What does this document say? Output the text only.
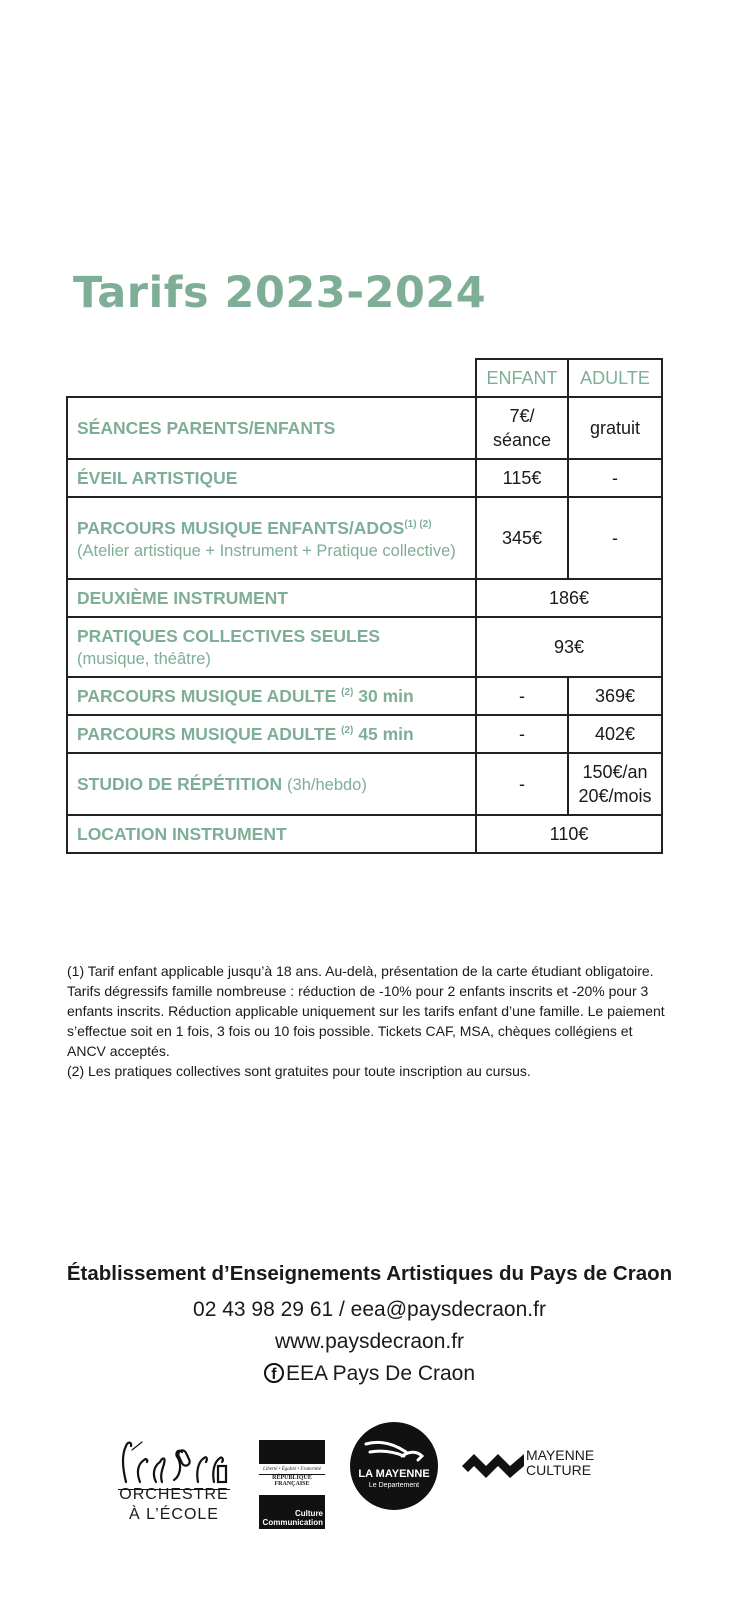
Tarifs 2023-2024
	ENFANT	ADULTE
SÉANCES PARENTS/ENFANTS	7€/ séance	gratuit
ÉVEIL ARTISTIQUE	115€	-
PARCOURS MUSIQUE ENFANTS/$ADOS^{(1) (2)}$
(Atelier artistique + Instrument + Pratique collective)	345€	-
DEUXIÈME INSTRUMENT	186€	
PRATIQUES COLLECTIVES SEULES
(musique, théâtre)	93€	
PARCOURS MUSIQUE ADULTE $^{(2)}$ 30 min	-	369€
PARCOURS MUSIQUE ADULTE $^{(2)}$ 45 min	-	402€
STUDIO DE RÉPÉTITION (3h/hebdo)	-	150€/an
20€/mois
LOCATION INSTRUMENT	110€	

(1) Tarif enfant applicable jusqu’à 18 ans. Au-delà, présentation de la carte étudiant obligatoire. Tarifs dégressifs famille nombreuse : réduction de -10% pour 2 enfants inscrits et -20% pour 3 enfants inscrits. Réduction applicable uniquement sur les tarifs enfant d’une famille. Le paiement s’effectue soit en 1 fois, 3 fois ou 10 fois possible. Tickets CAF, MSA, chèques collégiens et ANCV acceptés.

(2) Les pratiques collectives sont gratuites pour toute inscription au cursus.

Établissement d’Enseignements Artistiques du Pays de Craon
02 43 98 29 61 / eea@paysdecraon.fr
www.paysdecraon.fr
f EEA Pays De Craon
ORCHESTRE
À L’ÉCOLE
Liberté • Égalité • Fraternité
RÉPUBLIQUE FRANÇAISE
Culture
Communication
LA MAYENNE
Le Departement
MAYENNE
CULTURE
